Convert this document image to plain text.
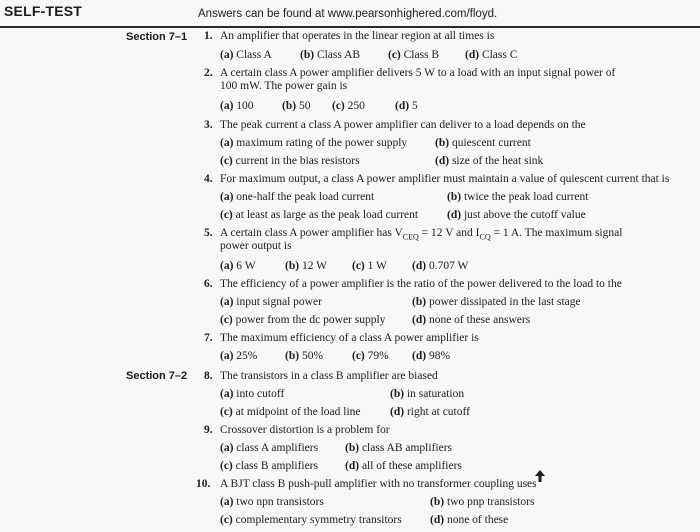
SELF-TEST	Answers can be found at www.pearsonhighered.com/floyd.
Section 7–1
Section 7–2
1. An amplifier that operates in the linear region at all times is
(a) Class A (b) Class AB (c) Class B (d) Class C
2. A certain class A power amplifier delivers 5 W to a load with an input signal power of
100 mW. The power gain is
(a) 100 (b) 50 (c) 250	(d) 5
3. The peak current a class A power amplifier can deliver to a load depends on the
(a) maximum rating of the power supply (b) quiescent current
(c) current in the bias resistors	(d) size of the heat sink
4. For maximum output, a class A power amplifier must maintain a value of quiescent current that is
(a) one-half the peak load current	(b) twice the peak load current
(c) at least as large as the peak load current	(d) just above the cutoff value
5. A certain class A power amplifier has $V_{CEQ} = 12$ V and $I_{CQ} = 1$ A. The maximum signal
power output is
(a) 6 W	(b) 12 W (c) 1 W (d) 0.707 W
6. The efficiency of a power amplifier is the ratio of the power delivered to the load to the
(a) input signal power	(b) power dissipated in the last stage
(c) power from the dc power supply (d) none of these answers
7. The maximum efficiency of a class A power amplifier is
(a) 25% (b) 50%	(c) 79% (d) 98%
8. The transistors in a class B amplifier are biased
(a) into cutoff	(b) in saturation
(c) at midpoint of the load line	(d) right at cutoff
9. Crossover distortion is a problem for
(a) class A amplifiers (b) class AB amplifiers
(c) class B amplifiers (d) all of these amplifiers
10. A BJT class B push-pull amplifier with no transformer coupling uses
(a) two npn transistors	(b) two pnp transistors
(c) complementary symmetry transitors (d) none of these
